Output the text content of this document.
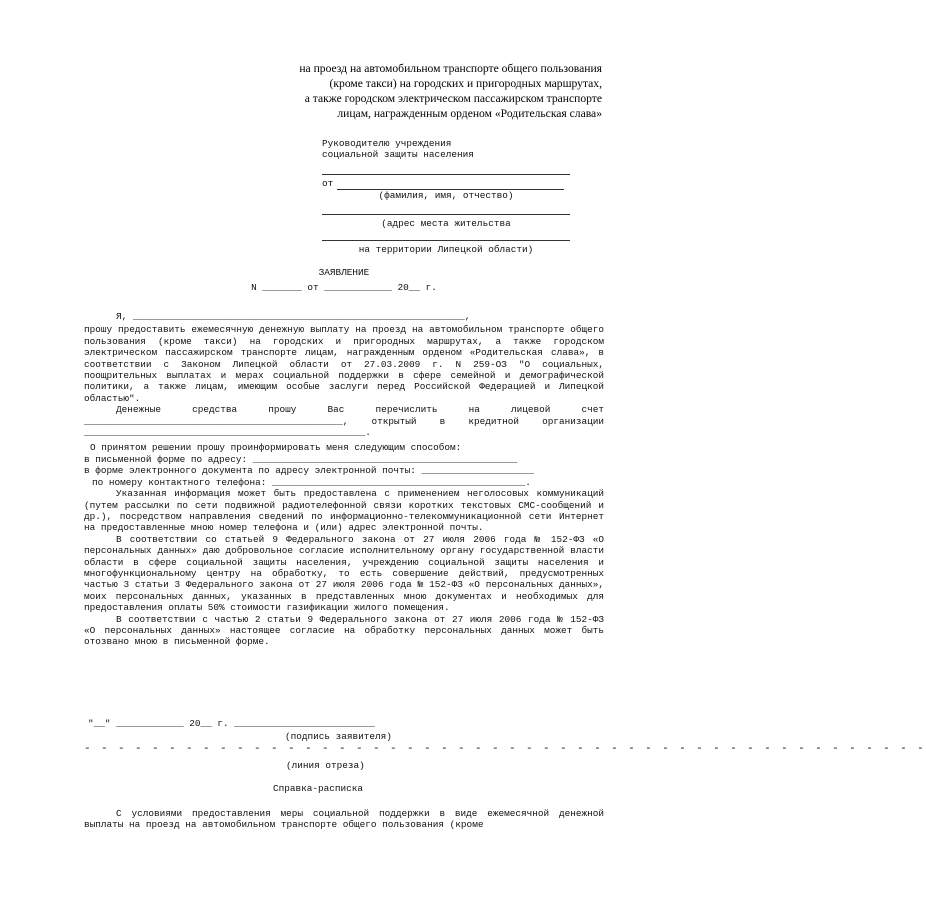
на проезд на автомобильном транспорте общего пользования
(кроме такси) на городских и пригородных маршрутах,
а также городском электрическом пассажирском транспорте
лицам, награжденным орденом «Родительская слава»
Руководителю учреждения
социальной защиты населения
от
(фамилия, имя, отчество)
(адрес места жительства
на территории Липецкой области)
ЗАЯВЛЕНИЕ
N _______ от ____________ 20__ г.

Я, ___________________________________________________________,

прошу предоставить ежемесячную денежную выплату на проезд на автомобильном транспорте общего пользования (кроме такси) на городских и пригородных маршрутах, а также городском электрическом пассажирском транспорте лицам, награжденным орденом «Родительская слава», в соответствии с Законом Липецкой области от 27.03.2009 г. N 259-ОЗ "О социальных, поощрительных выплатах и мерах социальной поддержки в сфере семейной и демографической политики, а также лицам, имеющим особые заслуги перед Российской Федерацией и Липецкой областью".

Денежные средства прошу Вас перечислить на лицевой счет ______________________________________________, открытый в кредитной организации __________________________________________________.

О принятом решении прошу проинформировать меня следующим способом:

в письменной форме по адресу: _______________________________________________

в форме электронного документа по адресу электронной почты: ____________________

по номеру контактного телефона: _____________________________________________.

Указанная информация может быть предоставлена с применением неголосовых коммуникаций (путем рассылки по сети подвижной радиотелефонной связи коротких текстовых СМС-сообщений и др.), посредством направления сведений по информационно-телекоммуникационной сети Интернет на предоставленные мною номер телефона и (или) адрес электронной почты.

В соответствии со статьей 9 Федерального закона от 27 июля 2006 года № 152-ФЗ «О персональных данных» даю добровольное согласие исполнительному органу государственной власти области в сфере социальной защиты населения, учреждению социальной защиты населения и многофункциональному центру на обработку, то есть совершение действий, предусмотренных частью 3 статьи 3 Федерального закона от 27 июля 2006 года № 152-ФЗ «О персональных данных», моих персональных данных, указанных в представленных мною документах и необходимых для предоставления оплаты 50% стоимости газификации жилого помещения.

В соответствии с частью 2 статьи 9 Федерального закона от 27 июля 2006 года № 152-ФЗ «О персональных данных» настоящее согласие на обработку персональных данных может быть отозвано мною в письменной форме.

"__" ____________ 20__ г. _________________________
(подпись заявителя)
- - - - - - - - - - - - - - - - - - - - - - - - - - - - - - - - - - - - - - - - - - - - - - - - - -
(линия отреза)
Справка-расписка

С условиями предоставления меры социальной поддержки в виде ежемесячной денежной выплаты на проезд на автомобильном транспорте общего пользования (кроме
